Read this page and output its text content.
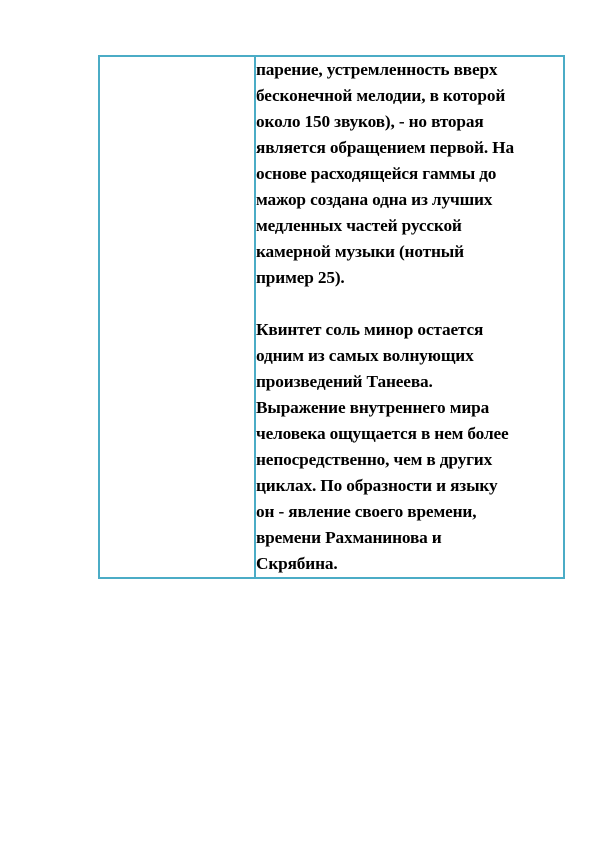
парение, устремленность вверх
бесконечной мелодии, в которой
около 150 звуков), - но вторая
является обращением первой. На
основе расходящейся гаммы до
мажор создана одна из лучших
медленных частей русской
камерной музыки (нотный
пример 25).

Квинтет соль минор остается
одним из самых волнующих
произведений Танеева.
Выражение внутреннего мира
человека ощущается в нем более
непосредственно, чем в других
циклах. По образности и языку
он - явление своего времени,
времени Рахманинова и
Скрябина.
